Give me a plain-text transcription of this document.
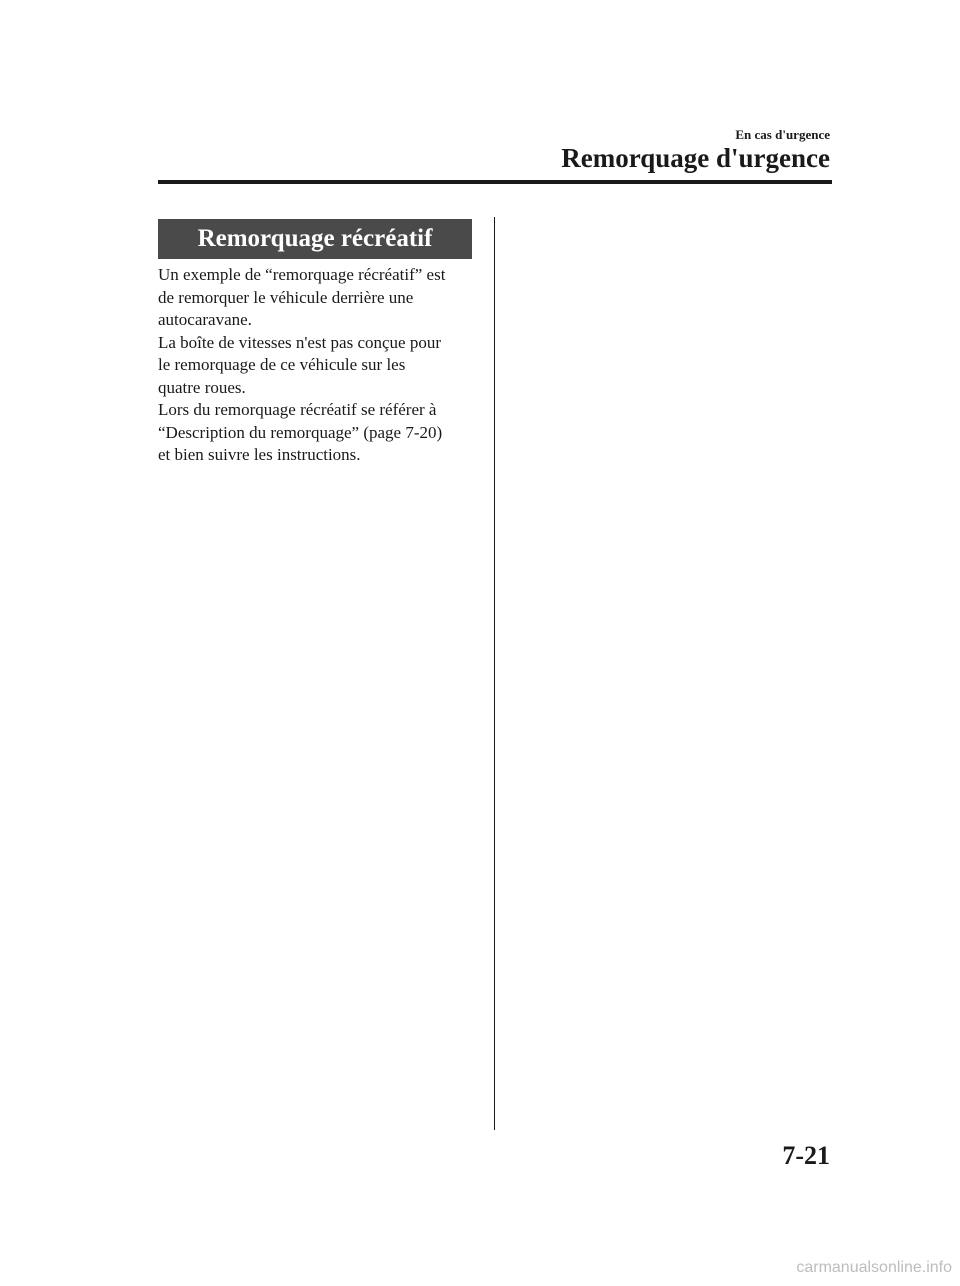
En cas d'urgence
Remorquage d'urgence
Remorquage récréatif

Un exemple de “remorquage récréatif” est

de remorquer le véhicule derrière une

autocaravane.

La boîte de vitesses n'est pas conçue pour

le remorquage de ce véhicule sur les

quatre roues.

Lors du remorquage récréatif se référer à

“Description du remorquage” (page 7-20)

et bien suivre les instructions.

7-21
carmanualsonline.info
